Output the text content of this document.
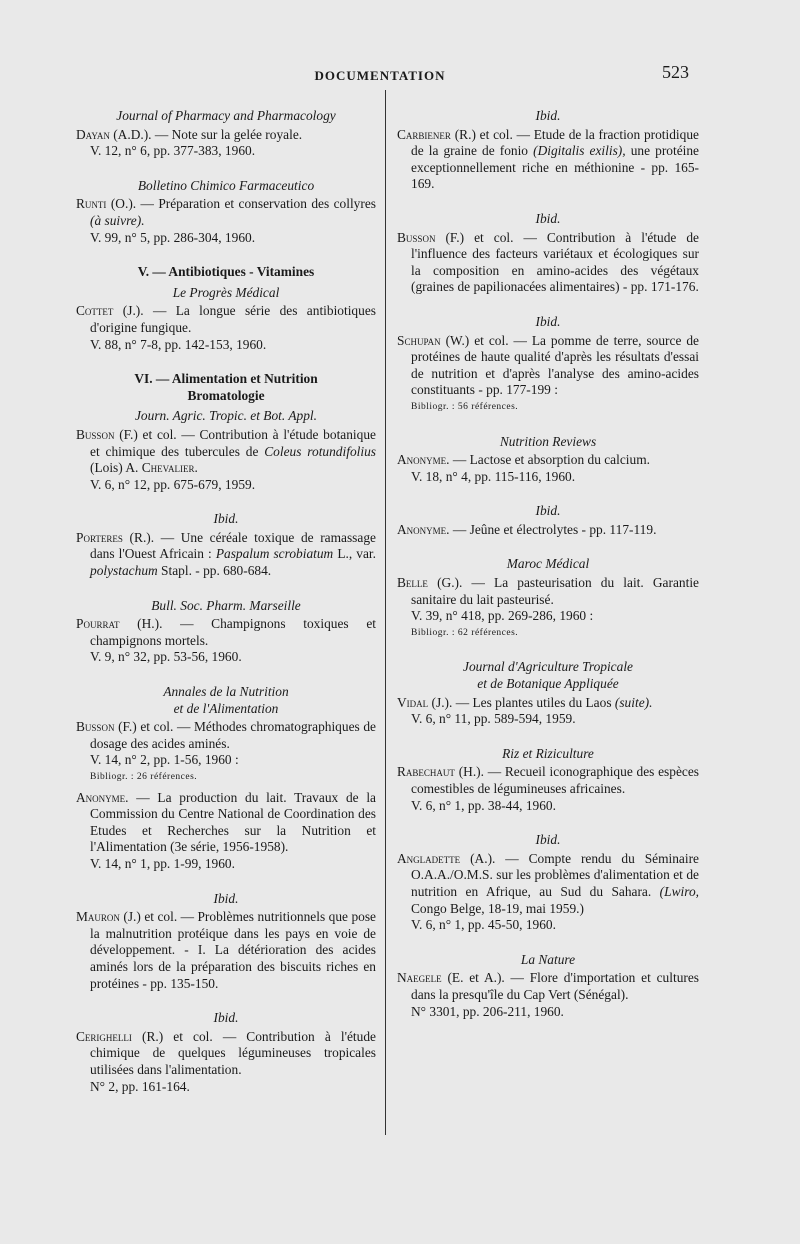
DOCUMENTATION	523
Journal of Pharmacy and Pharmacology
Dayan (A.D.). — Note sur la gelée royale.
V. 12, n° 6, pp. 377-383, 1960.
Bolletino Chimico Farmaceutico
Runti (O.). — Préparation et conservation des collyres (à suivre).
V. 99, n° 5, pp. 286-304, 1960.
V. — Antibiotiques - Vitamines
Le Progrès Médical
Cottet (J.). — La longue série des antibiotiques d'origine fungique.
V. 88, n° 7-8, pp. 142-153, 1960.
VI. — Alimentation et Nutrition
Bromatologie
Journ. Agric. Tropic. et Bot. Appl.
Busson (F.) et col. — Contribution à l'étude botanique et chimique des tubercules de Coleus rotundifolius (Lois) A. Chevalier.
V. 6, n° 12, pp. 675-679, 1959.
Ibid.
Porteres (R.). — Une céréale toxique de ramassage dans l'Ouest Africain : Paspalum scrobiatum L., var. polystachum Stapl. - pp. 680-684.
Bull. Soc. Pharm. Marseille
Pourrat (H.). — Champignons toxiques et champignons mortels.
V. 9, n° 32, pp. 53-56, 1960.
Annales de la Nutrition
et de l'Alimentation
Busson (F.) et col. — Méthodes chromatographiques de dosage des acides aminés.
V. 14, n° 2, pp. 1-56, 1960 :
Bibliogr. : 26 références.
Anonyme. — La production du lait. Travaux de la Commission du Centre National de Coordination des Etudes et Recherches sur la Nutrition et l'Alimentation (3e série, 1956-1958).
V. 14, n° 1, pp. 1-99, 1960.
Ibid.
Mauron (J.) et col. — Problèmes nutritionnels que pose la malnutrition protéique dans les pays en voie de développement. - I. La détérioration des acides aminés lors de la préparation des biscuits riches en protéines - pp. 135-150.
Ibid.
Cerighelli (R.) et col. — Contribution à l'étude chimique de quelques légumineuses tropicales utilisées dans l'alimentation.
N° 2, pp. 161-164.
Ibid.
Carbiener (R.) et col. — Etude de la fraction protidique de la graine de fonio (Digitalis exilis), une protéine exceptionnellement riche en méthionine - pp. 165-169.
Ibid.
Busson (F.) et col. — Contribution à l'étude de l'influence des facteurs variétaux et écologiques sur la composition en amino-acides des végétaux (graines de papilionacées alimentaires) - pp. 171-176.
Ibid.
Schupan (W.) et col. — La pomme de terre, source de protéines de haute qualité d'après les résultats d'essai de nutrition et d'après l'analyse des amino-acides constituants - pp. 177-199 :
Bibliogr. : 56 références.
Nutrition Reviews
Anonyme. — Lactose et absorption du calcium.
V. 18, n° 4, pp. 115-116, 1960.
Ibid.
Anonyme. — Jeûne et électrolytes - pp. 117-119.
Maroc Médical
Belle (G.). — La pasteurisation du lait. Garantie sanitaire du lait pasteurisé.
V. 39, n° 418, pp. 269-286, 1960 :
Bibliogr. : 62 références.
Journal d'Agriculture Tropicale
et de Botanique Appliquée
Vidal (J.). — Les plantes utiles du Laos (suite).
V. 6, n° 11, pp. 589-594, 1959.
Riz et Riziculture
Rabechaut (H.). — Recueil iconographique des espèces comestibles de légumineuses africaines.
V. 6, n° 1, pp. 38-44, 1960.
Ibid.
Angladette (A.). — Compte rendu du Séminaire O.A.A./O.M.S. sur les problèmes d'alimentation et de nutrition en Afrique, au Sud du Sahara. (Lwiro, Congo Belge, 18-19, mai 1959.)
V. 6, n° 1, pp. 45-50, 1960.
La Nature
Naegele (E. et A.). — Flore d'importation et cultures dans la presqu'île du Cap Vert (Sénégal).
N° 3301, pp. 206-211, 1960.
